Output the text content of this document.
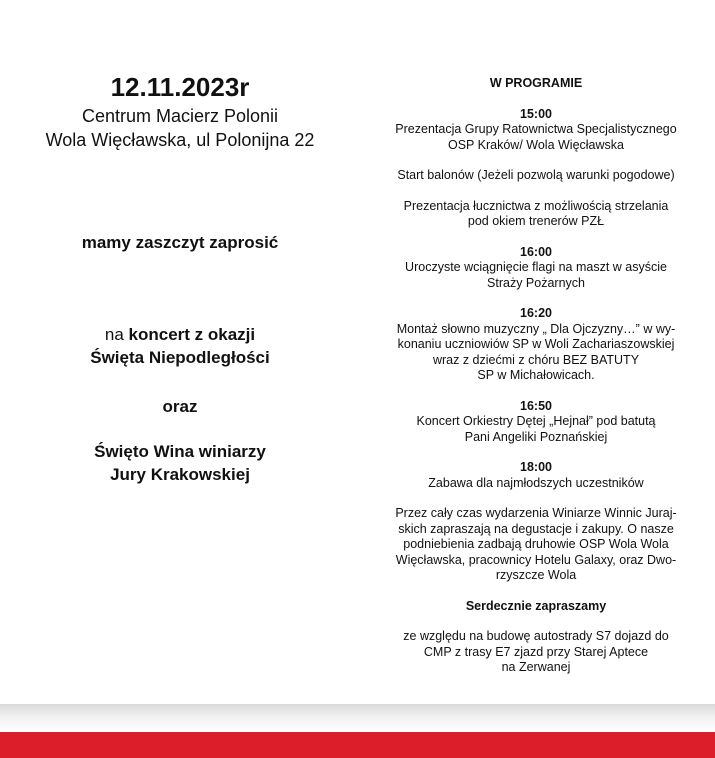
12.11.2023r

Centrum Macierz Polonii

Wola Więcławska, ul Polonijna 22

mamy zaszczyt zaprosić
na koncert z okazji
Święta Niepodległości
oraz
Święto Wina winiarzy
Jury Krakowskiej

W PROGRAMIE

15:00
Prezentacja Grupy Ratownictwa Specjalistycznego
OSP Kraków/ Wola Więcławska
Start balonów (Jeżeli pozwolą warunki pogodowe)
Prezentacja łucznictwa z możliwością strzelania
pod okiem trenerów PZŁ
16:00
Uroczyste wciągnięcie flagi na maszt w asyście
Straży Pożarnych
16:20
Montaż słowno muzyczny „ Dla Ojczyzny…” w wy-
konaniu uczniowiów SP w Woli Zachariaszowskiej
wraz z dziećmi z chóru BEZ BATUTY
SP w Michałowicach.
16:50
Koncert Orkiestry Dętej „Hejnał” pod batutą
Pani Angeliki Poznańskiej
18:00
Zabawa dla najmłodszych uczestników
Przez cały czas wydarzenia Winiarze Winnic Juraj-
skich zapraszają na degustacje i zakupy. O nasze
podniebienia zadbają druhowie OSP Wola Wola
Więcławska, pracownicy Hotelu Galaxy, oraz Dwo-
rzyszcze Wola
Serdecznie zapraszamy
ze względu na budowę autostrady S7 dojazd do
CMP z trasy E7 zjazd przy Starej Aptece
na Zerwanej
